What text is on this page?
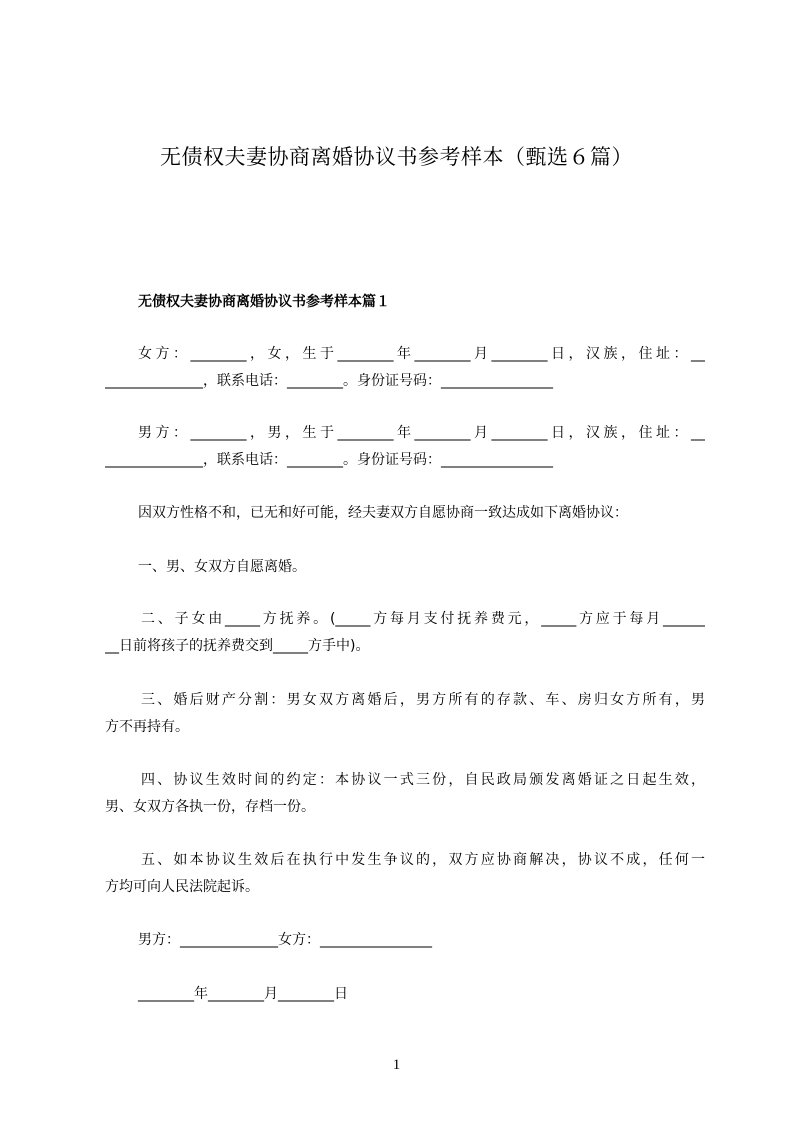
无债权夫妻协商离婚协议书参考样本（甄选６篇）
无债权夫妻协商离婚协议书参考样本篇１
女方：________，女，生于________年________月________日，汉族，住址：__
______________，联系电话：________。身份证号码：________________
男方：________，男，生于________年________月________日，汉族，住址：__
______________，联系电话：________。身份证号码：________________
因双方性格不和，已无和好可能，经夫妻双方自愿协商一致达成如下离婚协议：
一、男、女双方自愿离婚。
二、子女由_____方抚养。(_____方每月支付抚养费元，_____方应于每月______
__日前将孩子的抚养费交到_____方手中)。
三、婚后财产分割：男女双方离婚后，男方所有的存款、车、房归女方所有，男
方不再持有。
四、协议生效时间的约定：本协议一式三份，自民政局颁发离婚证之日起生效，
男、女双方各执一份，存档一份。
五、如本协议生效后在执行中发生争议的，双方应协商解决，协议不成，任何一
方均可向人民法院起诉。
男方：______________女方：________________
________年________月________日
1
